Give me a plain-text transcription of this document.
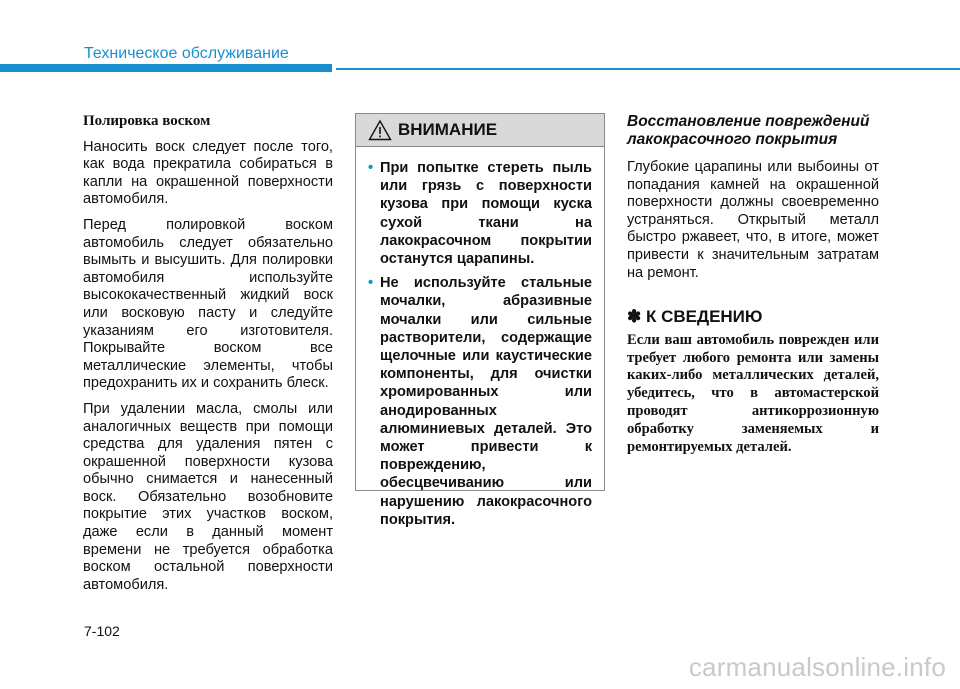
Техническое обслуживание
Полировка воском

Наносить воск следует после того, как вода прекратила собираться в капли на окрашенной поверхности автомобиля.

Перед полировкой воском автомобиль следует обязательно вымыть и высушить. Для полировки автомобиля используйте высококачественный жидкий воск или восковую пасту и следуйте указаниям его изготовителя. Покрывайте воском все металлические элементы, чтобы предохранить их и сохранить блеск.

При удалении масла, смолы или аналогичных веществ при помощи средства для удаления пятен с окрашенной поверхности кузова обычно снимается и нанесенный воск. Обязательно возобновите покрытие этих участков воском, даже если в данный момент времени не требуется обработка воском остальной поверхности автомобиля.

ВНИМАНИЕ
• При попытке стереть пыль или грязь с поверхности кузова при помощи куска сухой ткани на лакокрасочном покрытии останутся царапины.
• Не используйте стальные мочалки, абразивные мочалки или сильные растворители, содержащие щелочные или каустические компоненты, для очистки хромированных или анодированных алюминиевых деталей. Это может привести к повреждению, обесцвечиванию или нарушению лакокрасочного покрытия.
Восстановление повреждений лакокрасочного покрытия

Глубокие царапины или выбоины от попадания камней на окрашенной поверхности должны своевременно устраняться. Открытый металл быстро ржавеет, что, в итоге, может привести к значительным затратам на ремонт.

✽ К СВЕДЕНИЮ

Если ваш автомобиль поврежден или требует любого ремонта или замены каких-либо металлических деталей, убедитесь, что в автомастерской проводят антикоррозионную обработку заменяемых и ремонтируемых деталей.

7-102
carmanualsonline.info
